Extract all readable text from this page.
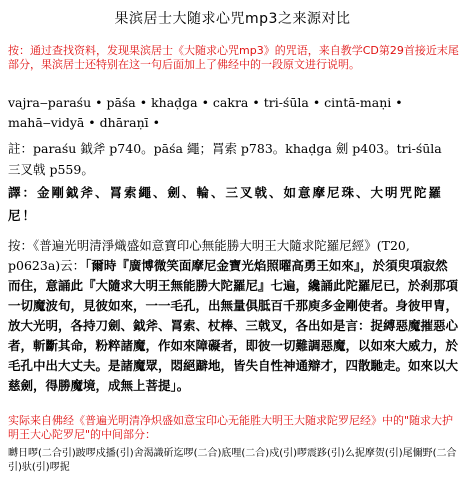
果滨居士大随求心咒mp3之来源对比
按：通过查找资料，发现果滨居士《大随求心咒mp3》的咒语，来自教学CD第29首接近末尾部分，果滨居士还特别在这一句后面加上了佛经中的一段原文进行说明。
vajra‒paraśu • pāśa • khaḍga • cakra • tri-śūla • cintā-maṇi •
mahā‒vidyā • dhāraṇī •
註：paraśu 鉞斧 p740。pāśa 繩；罥索 p783。khaḍga 劍 p403。tri-śūla 三叉戟 p559。
譯：金剛鉞斧、罥索繩、劍、輪、三叉戟、如意摩尼珠、大明咒陀羅尼！
按：《普遍光明清淨熾盛如意寶印心無能勝大明王大隨求陀羅尼經》(T20, p0623a)云：「爾時『廣博微笑面摩尼金寶光焰照曜高勇王如來』，於須臾項寂然而住，意誦此『大隨求大明王無能勝大陀羅尼』七遍，纔誦此陀羅尼已，於刹那項一切魔波旬，見彼如來，一一毛孔，出無量俱胝百千那庾多金剛使者。身彼甲冑，放大光明，各持刀劍、鉞斧、罥索、杖棒、三戟叉，各出如是言：捉縛惡魔摧惡心者，斬斷其命，粉粹諸魔，作如來障礙者，即彼一切難調惡魔，以如來大威力，於毛孔中出大丈夫。是諸魔眾，悶絕躃地，皆失自性神通辯才，四散馳走。如來以大慈劍，得勝魔境，成無上菩提」。
实际来自佛经《普遍光明清净炽盛如意宝印心无能胜大明王大随求陀罗尼经》中的"随求大护明王大心陀罗尼"的中间部分：
嚩日啰(二合引)跛啰戍播(引)舍渴識斫迄啰(二合)底哩(二合)戍(引)啰震跢(引)么抳摩贺(引)尾儞野(二合引)驮(引)啰抳
